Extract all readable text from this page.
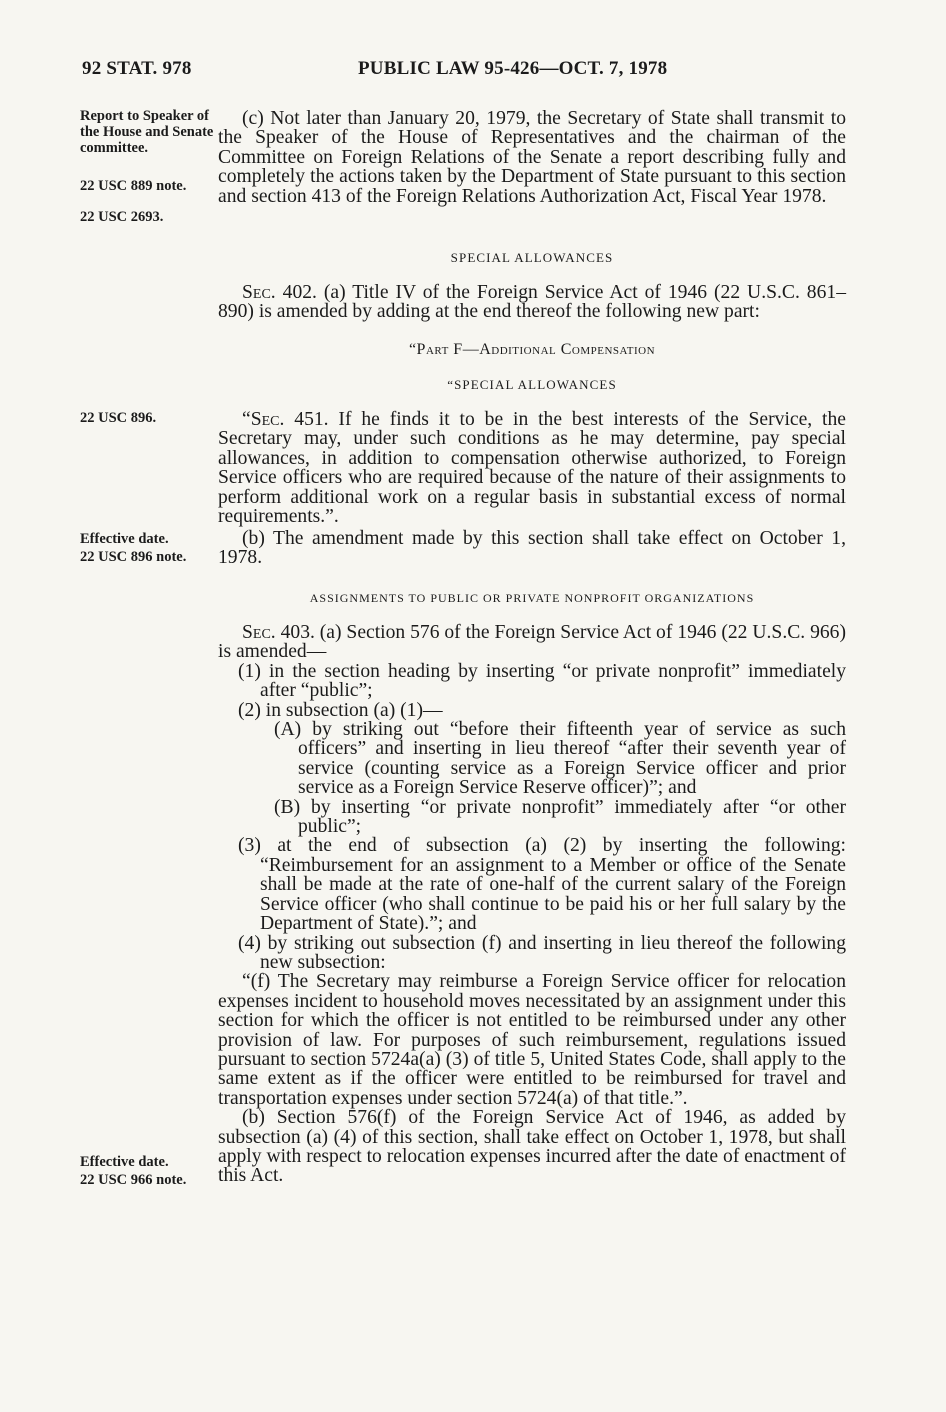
92 STAT. 978	PUBLIC LAW 95-426—OCT. 7, 1978
Report to Speaker of the House and Senate committee.
22 USC 889 note.
22 USC 2693.
22 USC 896.
Effective date.
22 USC 896 note.
Effective date.
22 USC 966 note.

(c) Not later than January 20, 1979, the Secretary of State shall transmit to the Speaker of the House of Representatives and the chairman of the Committee on Foreign Relations of the Senate a report describing fully and completely the actions taken by the Department of State pursuant to this section and section 413 of the Foreign Relations Authorization Act, Fiscal Year 1978.

SPECIAL ALLOWANCES

Sec. 402. (a) Title IV of the Foreign Service Act of 1946 (22 U.S.C. 861–890) is amended by adding at the end thereof the following new part:

“Part F—Additional Compensation
“SPECIAL ALLOWANCES

“Sec. 451. If he finds it to be in the best interests of the Service, the Secretary may, under such conditions as he may determine, pay special allowances, in addition to compensation otherwise authorized, to Foreign Service officers who are required because of the nature of their assignments to perform additional work on a regular basis in substantial excess of normal requirements.”.

(b) The amendment made by this section shall take effect on October 1, 1978.

ASSIGNMENTS TO PUBLIC OR PRIVATE NONPROFIT ORGANIZATIONS

Sec. 403. (a) Section 576 of the Foreign Service Act of 1946 (22 U.S.C. 966) is amended—

(1) in the section heading by inserting “or private nonprofit” immediately after “public”;

(2) in subsection (a) (1)—

(A) by striking out “before their fifteenth year of service as such officers” and inserting in lieu thereof “after their seventh year of service (counting service as a Foreign Service officer and prior service as a Foreign Service Reserve officer)”; and

(B) by inserting “or private nonprofit” immediately after “or other public”;

(3) at the end of subsection (a) (2) by inserting the following: “Reimbursement for an assignment to a Member or office of the Senate shall be made at the rate of one-half of the current salary of the Foreign Service officer (who shall continue to be paid his or her full salary by the Department of State).”; and

(4) by striking out subsection (f) and inserting in lieu thereof the following new subsection:

“(f) The Secretary may reimburse a Foreign Service officer for relocation expenses incident to household moves necessitated by an assignment under this section for which the officer is not entitled to be reimbursed under any other provision of law. For purposes of such reimbursement, regulations issued pursuant to section 5724a(a) (3) of title 5, United States Code, shall apply to the same extent as if the officer were entitled to be reimbursed for travel and transportation expenses under section 5724(a) of that title.”.

(b) Section 576(f) of the Foreign Service Act of 1946, as added by subsection (a) (4) of this section, shall take effect on October 1, 1978, but shall apply with respect to relocation expenses incurred after the date of enactment of this Act.
